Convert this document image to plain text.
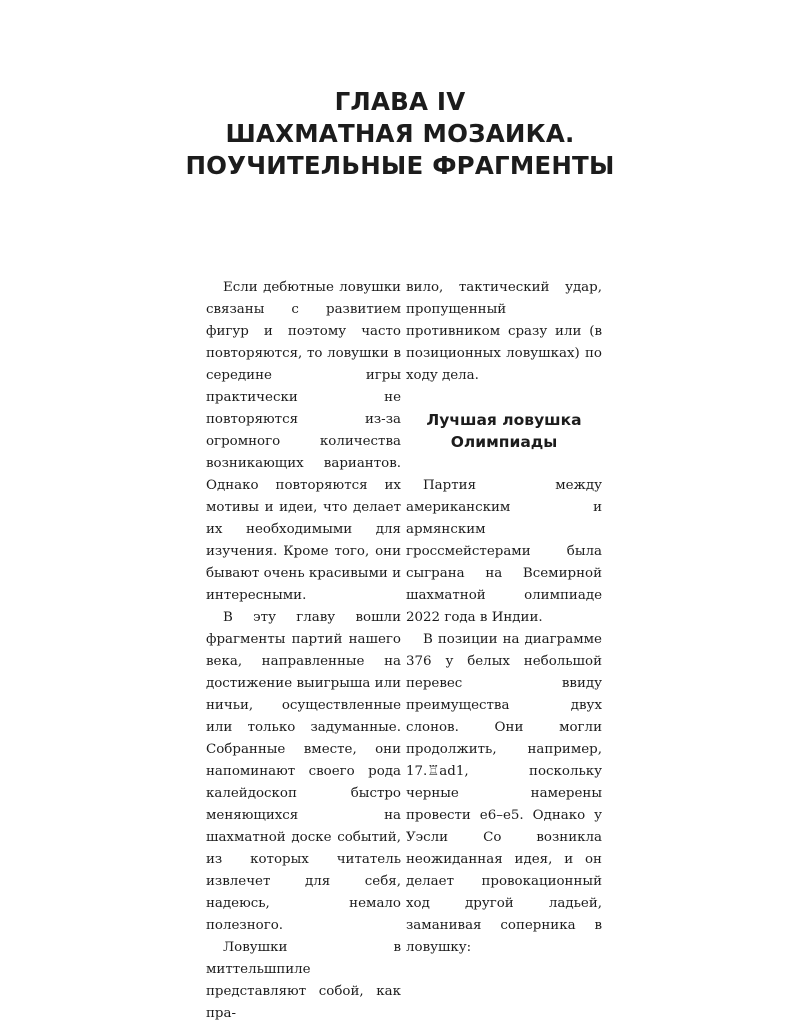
ГЛАВА IV
ШАХМАТНАЯ МОЗАИКА.
ПОУЧИТЕЛЬНЫЕ ФРАГМЕНТЫ

Если дебютные ловушки связаны с развитием фигур и поэтому часто повторяются, то ловушки в середине игры практически не повторяются из-за огромного количества возникающих вариантов. Однако повторяются их мотивы и идеи, что делает их необходимыми для изучения. Кроме того, они бывают очень красивыми и интересными.

В эту главу вошли фрагменты партий нашего века, направленные на достижение выигрыша или ничьи, осуществленные или только задуманные. Собранные вместе, они напоминают своего рода калейдоскоп быстро меняющихся на шахматной доске событий, из которых читатель извлечет для себя, надеюсь, немало полезного.

Ловушки в миттельшпиле представляют собой, как пра-

вило, тактический удар, пропущенный противником сразу или (в позиционных ловушках) по ходу дела.

Лучшая ловушка
Олимпиады

Партия между американским и армянским гроссмейстерами была сыграна на Всемирной шахматной олимпиаде 2022 года в Индии.

В позиции на диаграмме 376 у белых небольшой перевес ввиду преимущества двух слонов. Они могли продолжить, например, 17.♖ad1, поскольку черные намерены провести e6–e5. Однако у Уэсли Со возникла неожиданная идея, и он делает провокационный ход другой ладьей, заманивая соперника в ловушку:
